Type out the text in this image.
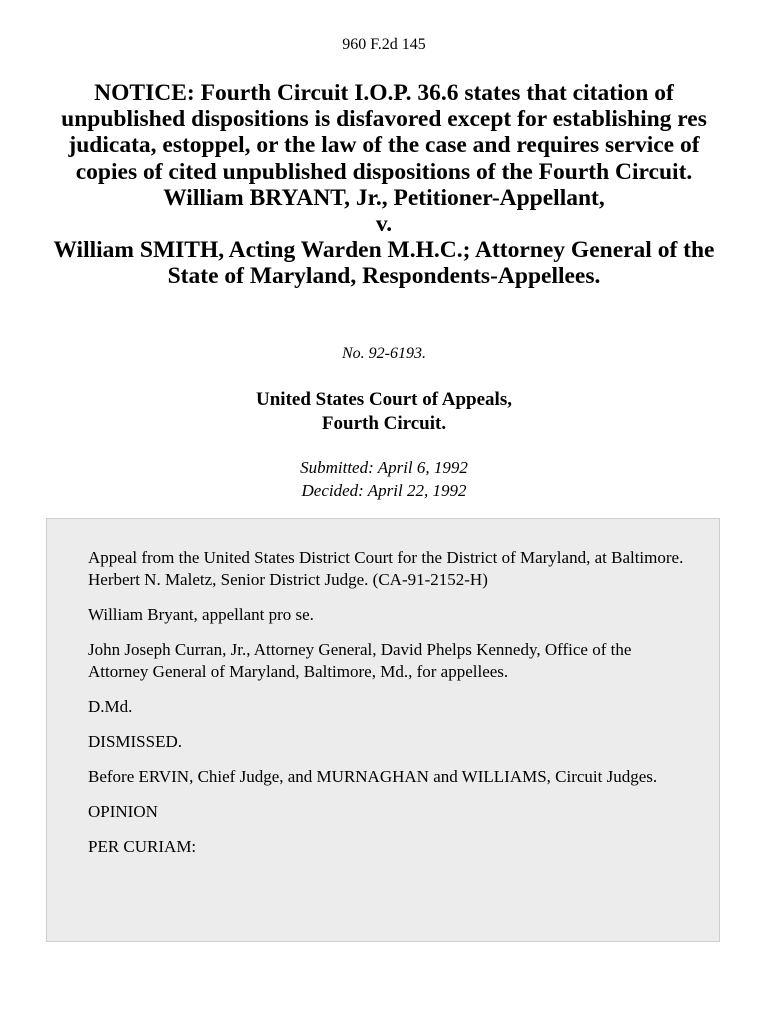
960 F.2d 145
NOTICE: Fourth Circuit I.O.P. 36.6 states that citation of unpublished dispositions is disfavored except for establishing res judicata, estoppel, or the law of the case and requires service of copies of cited unpublished dispositions of the Fourth Circuit.
William BRYANT, Jr., Petitioner-Appellant,
v.
William SMITH, Acting Warden M.H.C.; Attorney General of the State of Maryland, Respondents-Appellees.
No. 92-6193.
United States Court of Appeals,
Fourth Circuit.
Submitted: April 6, 1992
Decided: April 22, 1992

Appeal from the United States District Court for the District of Maryland, at Baltimore. Herbert N. Maletz, Senior District Judge. (CA-91-2152-H)

William Bryant, appellant pro se.

John Joseph Curran, Jr., Attorney General, David Phelps Kennedy, Office of the Attorney General of Maryland, Baltimore, Md., for appellees.

D.Md.

DISMISSED.

Before ERVIN, Chief Judge, and MURNAGHAN and WILLIAMS, Circuit Judges.

OPINION

PER CURIAM:
